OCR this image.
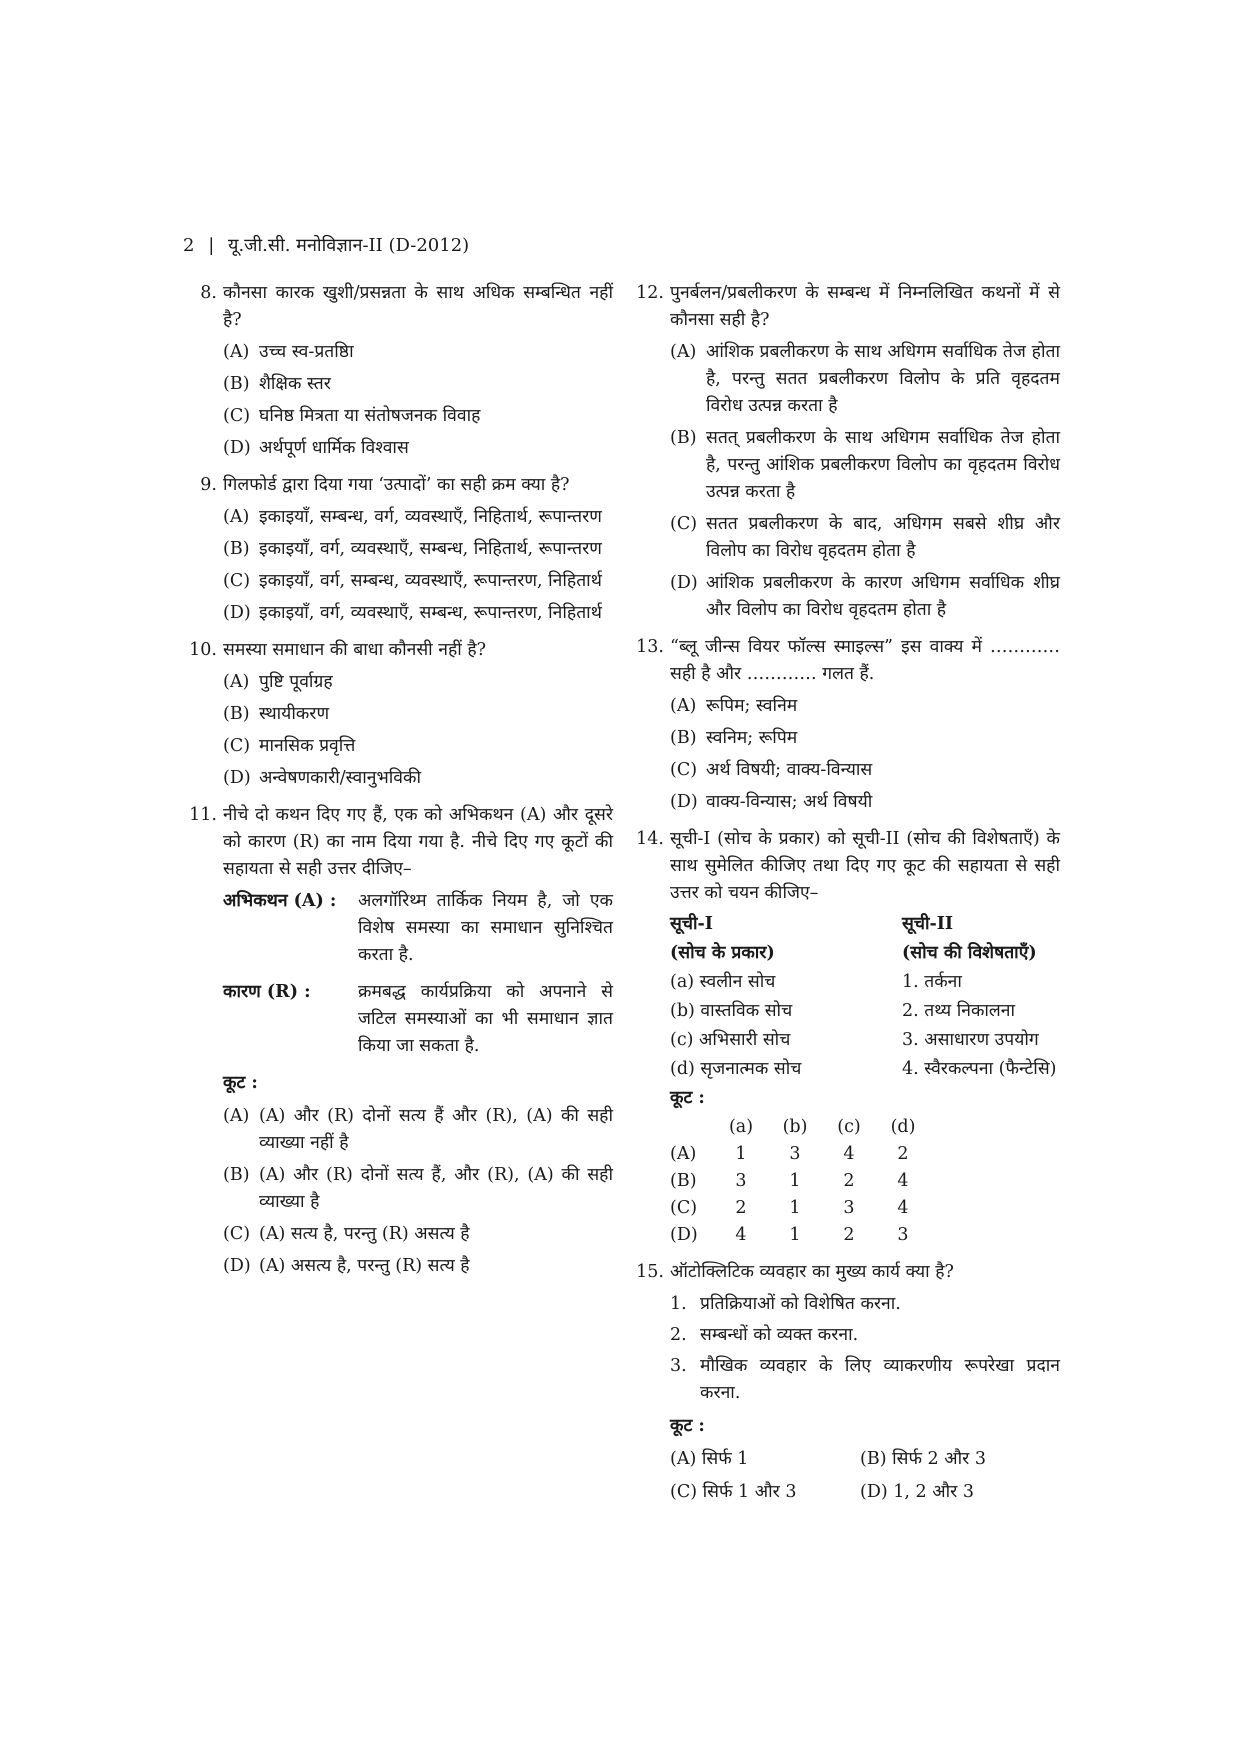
2 | यू.जी.सी. मनोविज्ञान-II (D-2012)
8. कौनसा कारक खुशी/प्रसन्नता के साथ अधिक सम्बन्धित नहीं है?
(A) उच्च स्व-प्रतष्ठिा
(B) शैक्षिक स्तर
(C) घनिष्ठ मित्रता या संतोषजनक विवाह
(D) अर्थपूर्ण धार्मिक विश्वास
9. गिलफोर्ड द्वारा दिया गया ‘उत्पादों’ का सही क्रम क्या है?
(A) इकाइयाँ, सम्बन्ध, वर्ग, व्यवस्थाएँ, निहितार्थ, रूपान्तरण
(B) इकाइयाँ, वर्ग, व्यवस्थाएँ, सम्बन्ध, निहितार्थ, रूपान्तरण
(C) इकाइयाँ, वर्ग, सम्बन्ध, व्यवस्थाएँ, रूपान्तरण, निहितार्थ
(D) इकाइयाँ, वर्ग, व्यवस्थाएँ, सम्बन्ध, रूपान्तरण, निहितार्थ
10. समस्या समाधान की बाधा कौनसी नहीं है?
(A) पुष्टि पूर्वाग्रह
(B) स्थायीकरण
(C) मानसिक प्रवृत्ति
(D) अन्वेषणकारी/स्वानुभविकी
11. नीचे दो कथन दिए गए हैं, एक को अभिकथन (A) और दूसरे को कारण (R) का नाम दिया गया है. नीचे दिए गए कूटों की सहायता से सही उत्तर दीजिए–
अभिकथन (A) :	अलगॉरिथ्म तार्किक नियम है, जो एक विशेष समस्या का समाधान सुनिश्चित करता है.
कारण (R) :	क्रमबद्ध कार्यप्रक्रिया को अपनाने से जटिल समस्याओं का भी समाधान ज्ञात किया जा सकता है.
कूट :
(A) (A) और (R) दोनों सत्य हैं और (R), (A) की सही व्याख्या नहीं है
(B) (A) और (R) दोनों सत्य हैं, और (R), (A) की सही व्याख्या है
(C) (A) सत्य है, परन्तु (R) असत्य है
(D) (A) असत्य है, परन्तु (R) सत्य है
12. पुनर्बलन/प्रबलीकरण के सम्बन्ध में निम्नलिखित कथनों में से कौनसा सही है?
(A) आंशिक प्रबलीकरण के साथ अधिगम सर्वाधिक तेज होता है, परन्तु सतत प्रबलीकरण विलोप के प्रति वृहदतम विरोध उत्पन्न करता है
(B) सतत् प्रबलीकरण के साथ अधिगम सर्वाधिक तेज होता है, परन्तु आंशिक प्रबलीकरण विलोप का वृहदतम विरोध उत्पन्न करता है
(C) सतत प्रबलीकरण के बाद, अधिगम सबसे शीघ्र और विलोप का विरोध वृहदतम होता है
(D) आंशिक प्रबलीकरण के कारण अधिगम सर्वाधिक शीघ्र और विलोप का विरोध वृहदतम होता है
13. “ब्लू जीन्स वियर फॉल्स स्माइल्स” इस वाक्य में ………… सही है और ………… गलत हैं.
(A) रूपिम; स्वनिम
(B) स्वनिम; रूपिम
(C) अर्थ विषयी; वाक्य-विन्यास
(D) वाक्य-विन्यास; अर्थ विषयी
14. सूची-I (सोच के प्रकार) को सूची-II (सोच की विशेषताएँ) के साथ सुमेलित कीजिए तथा दिए गए कूट की सहायता से सही उत्तर को चयन कीजिए–
सूची-I	सूची-II
(सोच के प्रकार)	(सोच की विशेषताएँ)
(a) स्वलीन सोच	1. तर्कना
(b) वास्तविक सोच	2. तथ्य निकालना
(c) अभिसारी सोच	3. असाधारण उपयोग
(d) सृजनात्मक सोच	4. स्वैरकल्पना (फैन्टेसि)
कूट :
(a)	(b)	(c)	(d)
(A)	1	3	4	2
(B)	3	1	2	4
(C)	2	1	3	4
(D)	4	1	2	3
15. ऑटोक्लिटिक व्यवहार का मुख्य कार्य क्या है?
1. प्रतिक्रियाओं को विशेषित करना.
2. सम्बन्धों को व्यक्त करना.
3. मौखिक व्यवहार के लिए व्याकरणीय रूपरेखा प्रदान करना.
कूट :
(A) सिर्फ 1	(B) सिर्फ 2 और 3
(C) सिर्फ 1 और 3	(D) 1, 2 और 3
